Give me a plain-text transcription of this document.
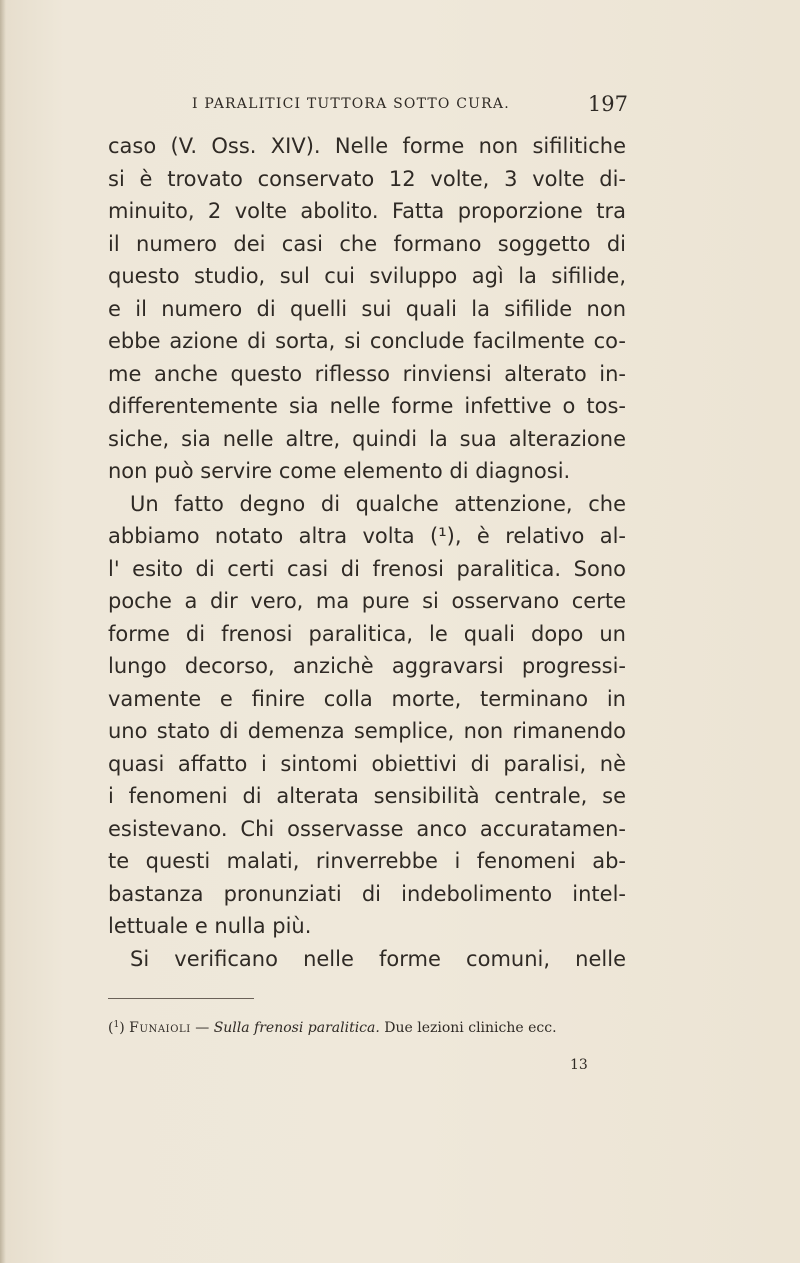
I PARALITICI TUTTORA SOTTO CURA.	197
caso (V. Oss. XIV). Nelle forme non sifilitiche
si è trovato conservato 12 volte, 3 volte di-
minuito, 2 volte abolito. Fatta proporzione tra
il numero dei casi che formano soggetto di
questo studio, sul cui sviluppo agì la sifilide,
e il numero di quelli sui quali la sifilide non
ebbe azione di sorta, si conclude facilmente co-
me anche questo riflesso rinviensi alterato in-
differentemente sia nelle forme infettive o tos-
siche, sia nelle altre, quindi la sua alterazione
non può servire come elemento di diagnosi.
Un fatto degno di qualche attenzione, che
abbiamo notato altra volta (¹), è relativo al-
l' esito di certi casi di frenosi paralitica. Sono
poche a dir vero, ma pure si osservano certe
forme di frenosi paralitica, le quali dopo un
lungo decorso, anzichè aggravarsi progressi-
vamente e finire colla morte, terminano in
uno stato di demenza semplice, non rimanendo
quasi affatto i sintomi obiettivi di paralisi, nè
i fenomeni di alterata sensibilità centrale, se
esistevano. Chi osservasse anco accuratamen-
te questi malati, rinverrebbe i fenomeni ab-
bastanza pronunziati di indebolimento intel-
lettuale e nulla più.
Si verificano nelle forme comuni, nelle
($^1$) Funaioli — Sulla frenosi paralitica. Due lezioni cliniche ecc.
13
